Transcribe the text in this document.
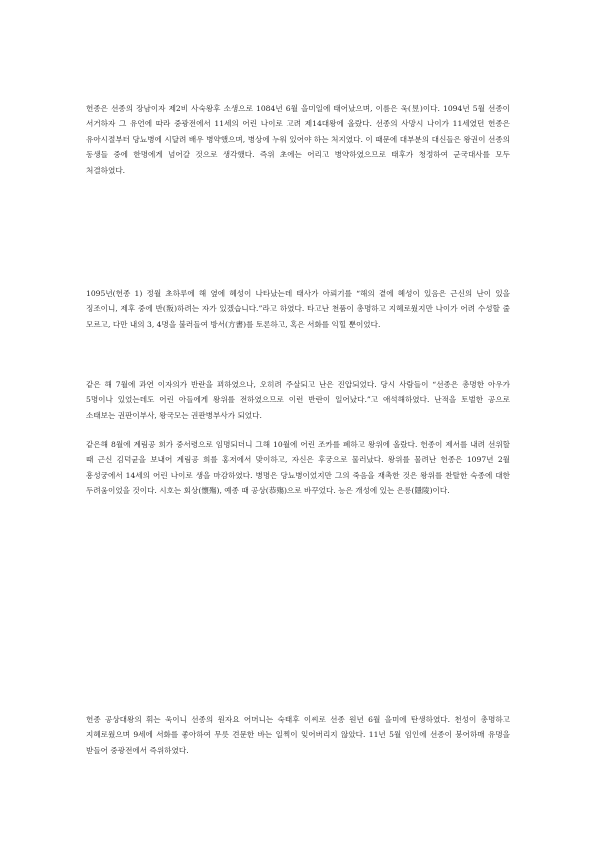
헌종은 선종의 장남이자 제2비 사숙왕후 소생으로 1084년 6월 을미일에 태어났으며, 이름은 욱(昱)이다. 1094년 5월 선종이 서거하자 그 유언에 따라 중광전에서 11세의 어린 나이로 고려 제14대왕에 올랐다. 선종의 사망시 나이가 11세였던 헌종은 유아시절부터 당뇨병에 시달려 배우 병약했으며, 병상에 누워 있어야 하는 처지였다. 이 때문에 대부분의 대신들은 왕권이 선종의 동생들 중에 한명에게 넘어갈 것으로 생각했다. 즉위 초에는 어리고 병약하였으므로 태후가 청정하여 군국대사를 모두 처결하였다.

1095년(헌종 1) 정월 초하루에 해 옆에 혜성이 나타났는데 태사가 아뢰기를 “해의 곁에 혜성이 있음은 근신의 난이 있을 징조이니, 제후 중에 반(叛)하려는 자가 있겠습니다.”라고 하였다. 타고난 천품이 총명하고 지혜로웠지만 나이가 어려 수성할 줄 모르고, 다만 내의 3, 4명을 불러들여 방서(方書)를 토론하고, 혹은 서화를 익힐 뿐이었다.

같은 해 7월에 과연 이자의가 반란을 꾀하였으나, 오히려 주살되고 난은 진압되었다. 당시 사람들이 “선종은 총명한 아우가 5명이나 있었는데도 어린 아들에게 왕위를 전하였으므로 이런 반란이 일어났다.”고 애석해하였다. 난적을 토벌한 공으로 소태보는 권판이부사, 왕국모는 권판병부사가 되었다.

같은해 8월에 계림공 희가 중서령으로 임명되더니 그해 10월에 어린 조카를 폐하고 왕위에 올랐다. 헌종이 제서를 내려 선위할 때 근신 김덕균을 보내어 계림공 희를 홍저에서 맞이하고, 자신은 후궁으로 물러났다. 왕위를 물려난 헌종은 1097년 2월 흥성궁에서 14세의 어린 나이로 생을 마감하였다. 병명은 당뇨병이었지만 그의 죽음을 재촉한 것은 왕위를 찬탈한 숙종에 대한 두려움이었을 것이다. 시호는 회상(懷殤), 예종 때 공상(恭殤)으로 바꾸었다. 능은 개성에 있는 은릉(隱陵)이다.

헌종 공상대왕의 휘는 욱이니 선종의 원자요 어머니는 숙태후 이씨로 선종 원년 6월 을미에 탄생하였다. 천성이 총명하고 지혜로웠으며 9세에 서화를 좋아하여 무릇 견문한 바는 일찍이 잊어버리지 않았다. 11년 5월 임인에 선종이 붕어하매 유명을 받들어 중광전에서 즉위하였다.
